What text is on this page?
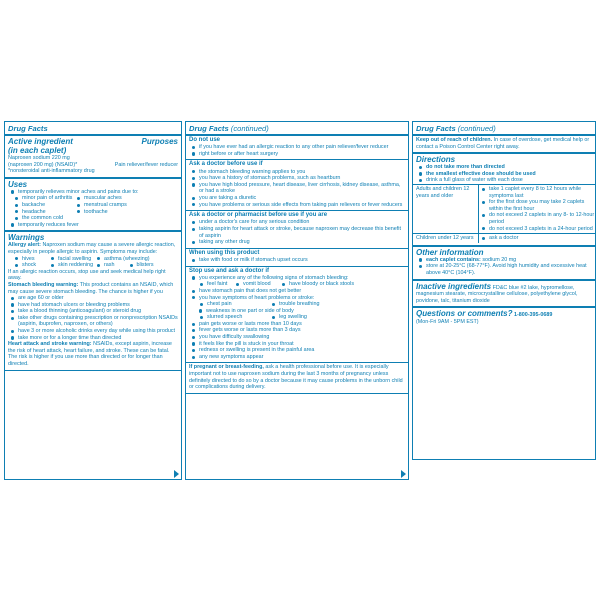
Drug Facts
Active ingredient	Purposes
(in each caplet)
Naproxen sodium 220 mg
(naproxen 200 mg) (NSAID)*	Pain reliever/fever reducer
*nonsteroidal anti-inflammatory drug
Uses
temporarily relieves minor aches and pains due to:
minor pain of arthritis	muscular aches
backache	menstrual cramps
headache	toothache
the common cold
temporarily reduces fever
Warnings
Allergy alert: Naproxen sodium may cause a severe allergic reaction, especially in people allergic to aspirin. Symptoms may include:
hives	facial swelling	asthma (wheezing)
shock	skin reddening	rash	blisters
If an allergic reaction occurs, stop use and seek medical help right away.
Stomach bleeding warning: This product contains an NSAID, which may cause severe stomach bleeding. The chance is higher if you
are age 60 or older
have had stomach ulcers or bleeding problems
take a blood thinning (anticoagulant) or steroid drug
take other drugs containing prescription or nonprescription NSAIDs (aspirin, ibuprofen, naproxen, or others)
have 3 or more alcoholic drinks every day while using this product
take more or for a longer time than directed
Heart attack and stroke warning: NSAIDs, except aspirin, increase the risk of heart attack, heart failure, and stroke. These can be fatal. The risk is higher if you use more than directed or for longer than directed.
Drug Facts (continued)
Do not use
if you have ever had an allergic reaction to any other pain reliever/fever reducer
right before or after heart surgery
Ask a doctor before use if
the stomach bleeding warning applies to you
you have a history of stomach problems, such as heartburn
you have high blood pressure, heart disease, liver cirrhosis, kidney disease, asthma, or had a stroke
you are taking a diuretic
you have problems or serious side effects from taking pain relievers or fever reducers
Ask a doctor or pharmacist before use if you are
under a doctor's care for any serious condition
taking aspirin for heart attack or stroke, because naproxen may decrease this benefit of aspirin
taking any other drug
When using this product
take with food or milk if stomach upset occurs
Stop use and ask a doctor if
you experience any of the following signs of stomach bleeding:
feel faint	vomit blood	have bloody or black stools
have stomach pain that does not get better
you have symptoms of heart problems or stroke:
chest pain	trouble breathing
weakness in one part or side of body
slurred speech	leg swelling
pain gets worse or lasts more than 10 days
fever gets worse or lasts more than 3 days
you have difficulty swallowing
it feels like the pill is stuck in your throat
redness or swelling is present in the painful area
any new symptoms appear
If pregnant or breast-feeding, ask a health professional before use. It is especially important not to use naproxen sodium during the last 3 months of pregnancy unless definitely directed to do so by a doctor because it may cause problems in the unborn child or complications during delivery.
Drug Facts (continued)
Keep out of reach of children. In case of overdose, get medical help or contact a Poison Control Center right away.
Directions
do not take more than directed
the smallest effective dose should be used
drink a full glass of water with each dose
Adults and children 12 years and older	take 1 caplet every 8 to 12 hours while symptoms last
for the first dose you may take 2 caplets within the first hour
do not exceed 2 caplets in any 8- to 12-hour period
do not exceed 3 caplets in a 24-hour period

Children under 12 years	ask a doctor
Other information
each caplet contains: sodium 20 mg
store at 20-25°C (68-77°F). Avoid high humidity and excessive heat above 40°C (104°F).
Inactive ingredients FD&C blue #2 lake, hypromellose, magnesium stearate, microcrystalline cellulose, polyethylene glycol, povidone, talc, titanium dioxide
Questions or comments? 1-800-395-0689
(Mon-Fri 9AM - 5PM EST)
